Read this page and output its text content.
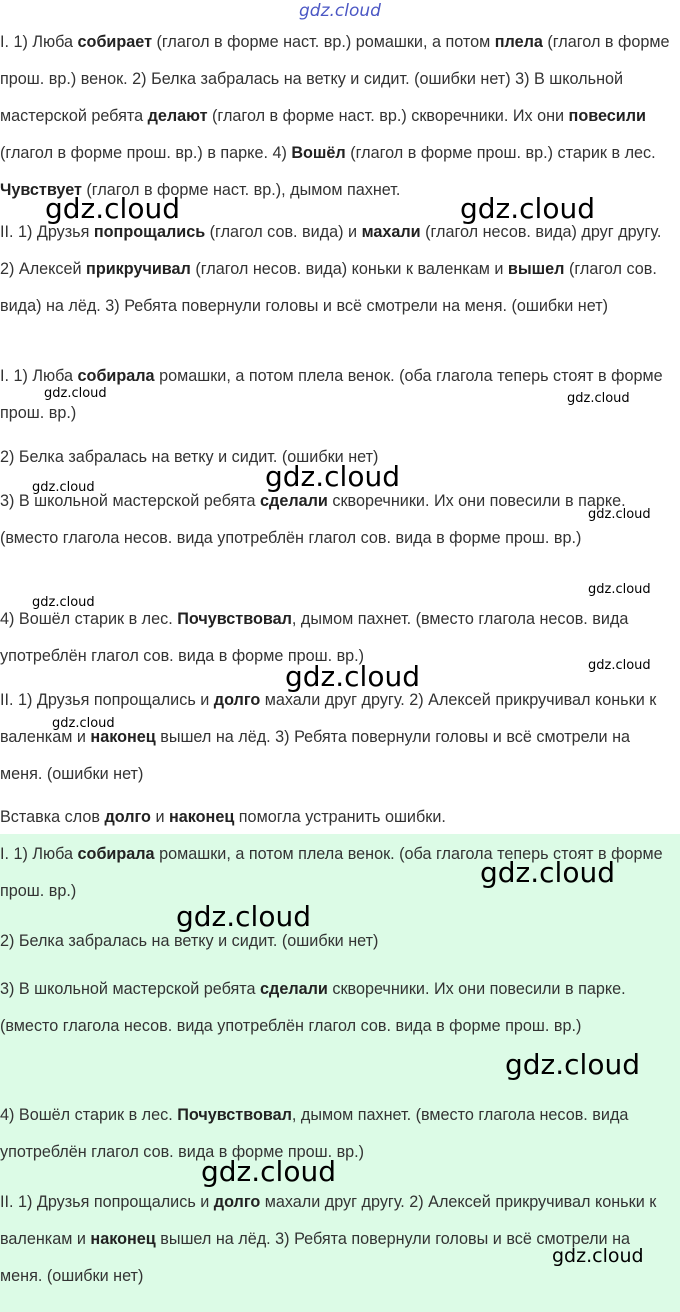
gdz.cloud

I. 1) Люба собирает (глагол в форме наст. вр.) ромашки, а потом плела (глагол в форме прош. вр.) венок. 2) Белка забралась на ветку и сидит. (ошибки нет) 3) В школьной мастерской ребята делают (глагол в форме наст. вр.) скворечники. Их они повесили (глагол в форме прош. вр.) в парке. 4) Вошёл (глагол в форме прош. вр.) старик в лес. Чувствует (глагол в форме наст. вр.), дымом пахнет.

II. 1) Друзья попрощались (глагол сов. вида) и махали (глагол несов. вида) друг другу. 2) Алексей прикручивал (глагол несов. вида) коньки к валенкам и вышел (глагол сов. вида) на лёд. 3) Ребята повернули головы и всё смотрели на меня. (ошибки нет)

I. 1) Люба собирала ромашки, а потом плела венок. (оба глагола теперь стоят в форме прош. вр.)

2) Белка забралась на ветку и сидит. (ошибки нет)

3) В школьной мастерской ребята сделали скворечники. Их они повесили в парке. (вместо глагола несов. вида употреблён глагол сов. вида в форме прош. вр.)

4) Вошёл старик в лес. Почувствовал, дымом пахнет. (вместо глагола несов. вида употреблён глагол сов. вида в форме прош. вр.)

II. 1) Друзья попрощались и долго махали друг другу. 2) Алексей прикручивал коньки к валенкам и наконец вышел на лёд. 3) Ребята повернули головы и всё смотрели на меня. (ошибки нет)

Вставка слов долго и наконец помогла устранить ошибки.

I. 1) Люба собирала ромашки, а потом плела венок. (оба глагола теперь стоят в форме прош. вр.)

2) Белка забралась на ветку и сидит. (ошибки нет)

3) В школьной мастерской ребята сделали скворечники. Их они повесили в парке. (вместо глагола несов. вида употреблён глагол сов. вида в форме прош. вр.)

4) Вошёл старик в лес. Почувствовал, дымом пахнет. (вместо глагола несов. вида употреблён глагол сов. вида в форме прош. вр.)

II. 1) Друзья попрощались и долго махали друг другу. 2) Алексей прикручивал коньки к валенкам и наконец вышел на лёд. 3) Ребята повернули головы и всё смотрели на меня. (ошибки нет)

gdz.cloud	gdz.cloud
gdz.cloud	gdz.cloud
gdz.cloud
gdz.cloud
gdz.cloud
gdz.cloud
gdz.cloud
gdz.cloud
gdz.cloud
gdz.cloud
gdz.cloud
gdz.cloud
gdz.cloud
gdz.cloud
gdz.cloud
